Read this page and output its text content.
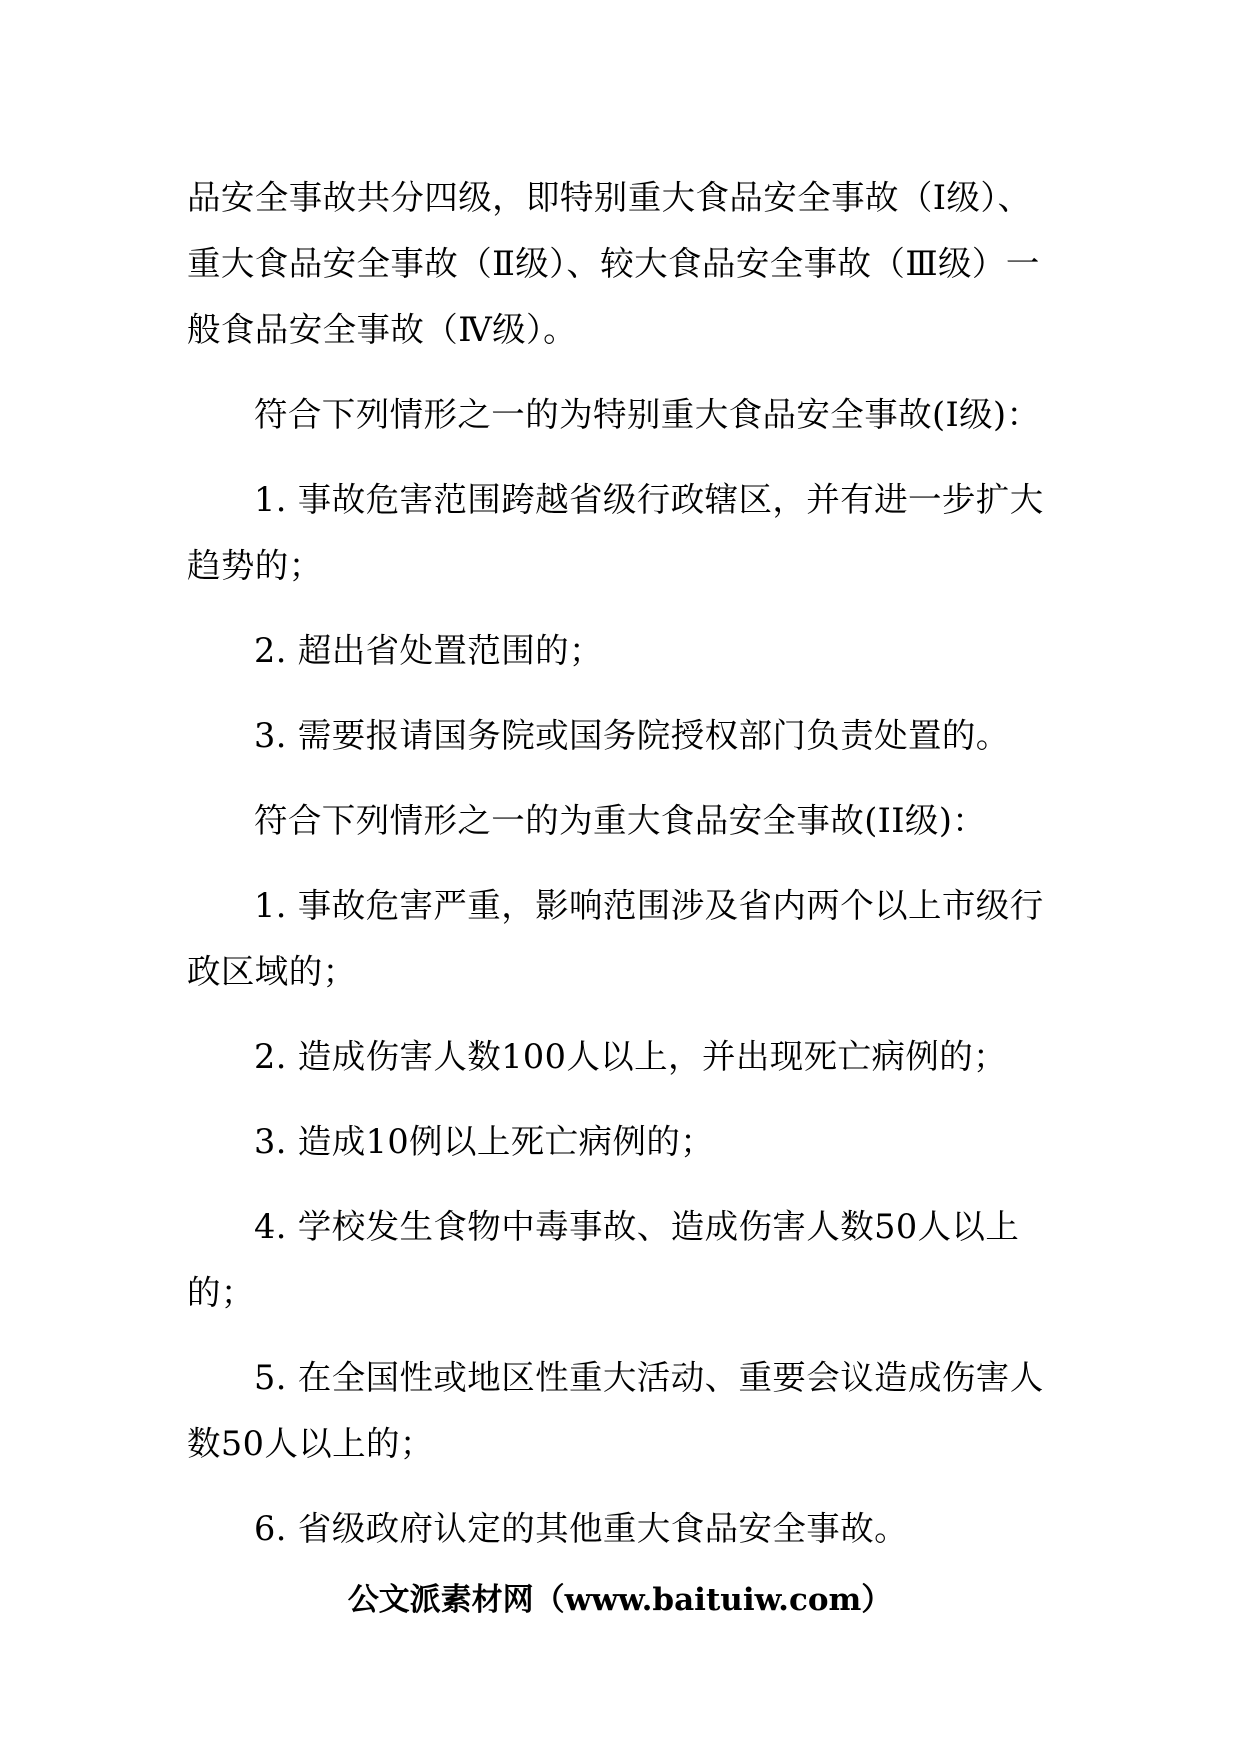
品安全事故共分四级，即特别重大食品安全事故（Ⅰ级）、重大食品安全事故（Ⅱ级）、较大食品安全事故（Ⅲ级）一般食品安全事故（Ⅳ级）。

符合下列情形之一的为特别重大食品安全事故(I级)：

1. 事故危害范围跨越省级行政辖区，并有进一步扩大趋势的；

2. 超出省处置范围的；

3. 需要报请国务院或国务院授权部门负责处置的。

符合下列情形之一的为重大食品安全事故(II级)：

1. 事故危害严重，影响范围涉及省内两个以上市级行政区域的；

2. 造成伤害人数100人以上，并出现死亡病例的；

3. 造成10例以上死亡病例的；

4. 学校发生食物中毒事故、造成伤害人数50人以上的；

5. 在全国性或地区性重大活动、重要会议造成伤害人数50人以上的；

6. 省级政府认定的其他重大食品安全事故。

公文派素材网（www.baituiw.com）
